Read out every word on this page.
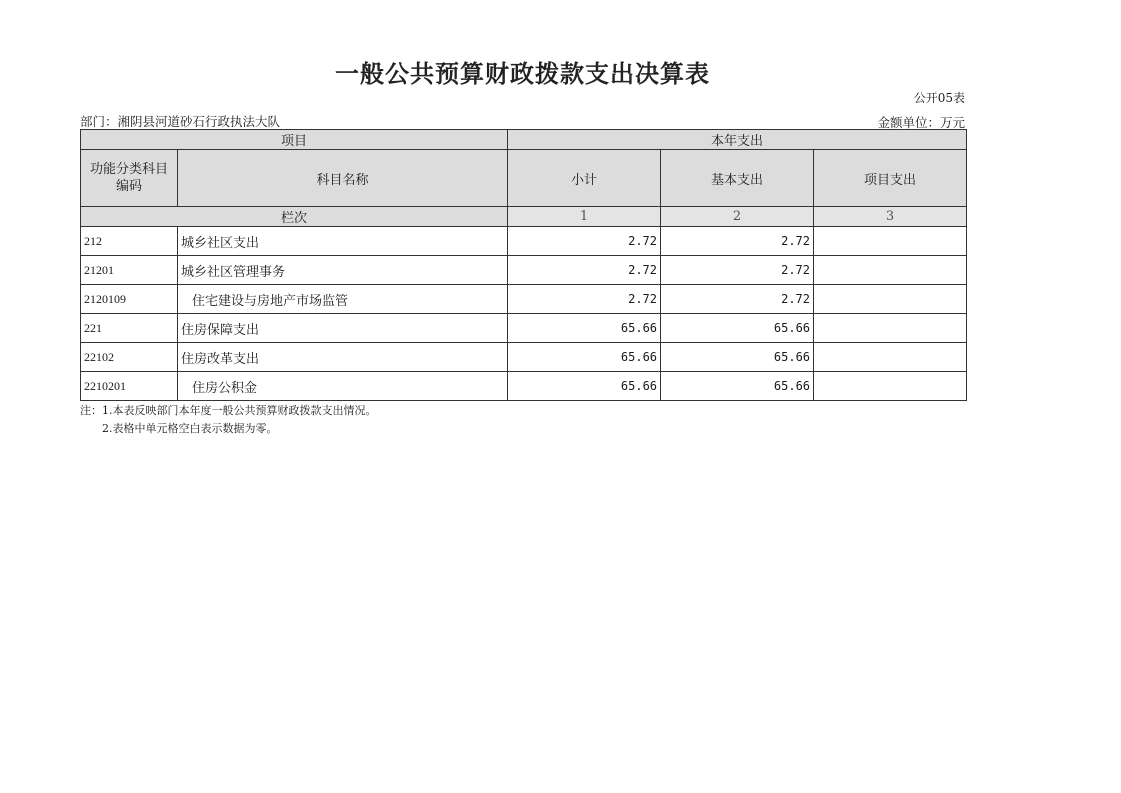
一般公共预算财政拨款支出决算表
公开05表
部门：湘阴县河道砂石行政执法大队	金额单位：万元
项目		本年支出		
功能分类科目编码	科目名称	小计	基本支出	项目支出
栏次		1	2	3
212	城乡社区支出	2.72	2.72	
21201	城乡社区管理事务	2.72	2.72	
2120109	住宅建设与房地产市场监管	2.72	2.72	
221	住房保障支出	65.66	65.66	
22102	住房改革支出	65.66	65.66	
2210201	住房公积金	65.66	65.66	
注：1.本表反映部门本年度一般公共预算财政拨款支出情况。
2.表格中单元格空白表示数据为零。
